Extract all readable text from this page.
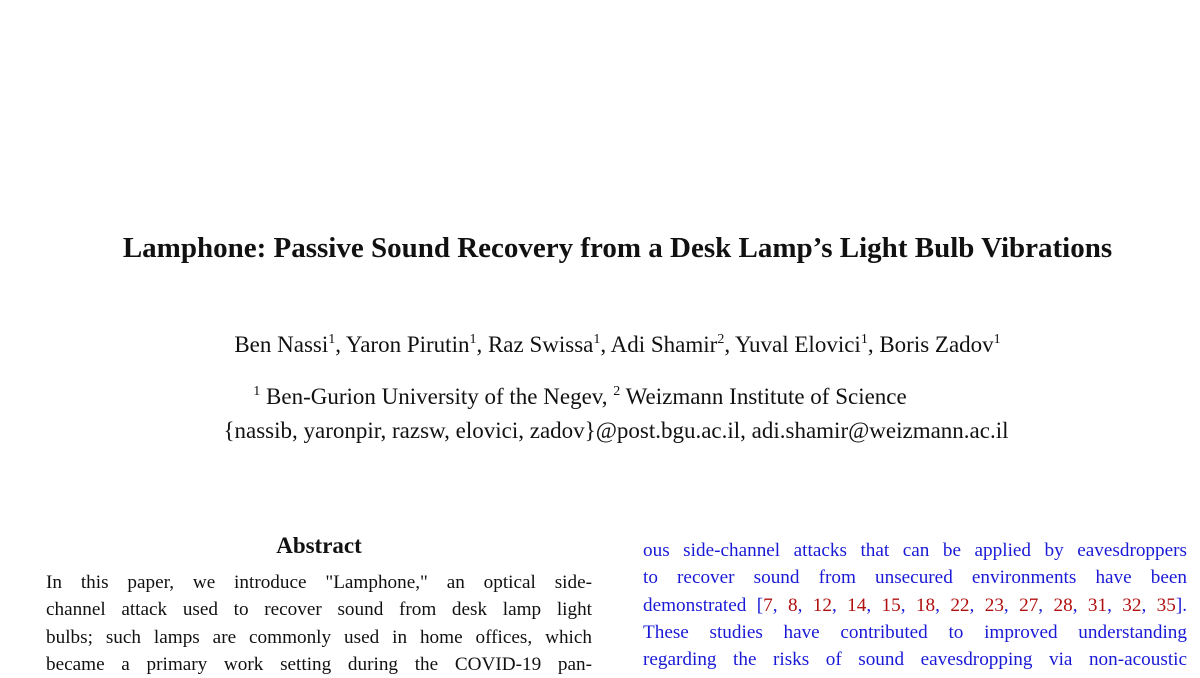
Lamphone: Passive Sound Recovery from a Desk Lamp’s Light Bulb Vibrations
Ben Nassi$^1$, Yaron Pirutin$^1$, Raz Swissa$^1$, Adi Shamir$^2$, Yuval Elovici$^1$, Boris Zadov$^1$
$^1$ Ben-Gurion University of the Negev, $^2$ Weizmann Institute of Science
{nassib, yaronpir, razsw, elovici, zadov}@post.bgu.ac.il, adi.shamir@weizmann.ac.il
Abstract
In this paper, we introduce "Lamphone," an optical side-
channel attack used to recover sound from desk lamp light
bulbs; such lamps are commonly used in home offices, which
became a primary work setting during the COVID-19 pan-
ous side-channel attacks that can be applied by eavesdroppers
to recover sound from unsecured environments have been
demonstrated [7, 8, 12, 14, 15, 18, 22, 23, 27, 28, 31, 32, 35].
These studies have contributed to improved understanding
regarding the risks of sound eavesdropping via non-acoustic
